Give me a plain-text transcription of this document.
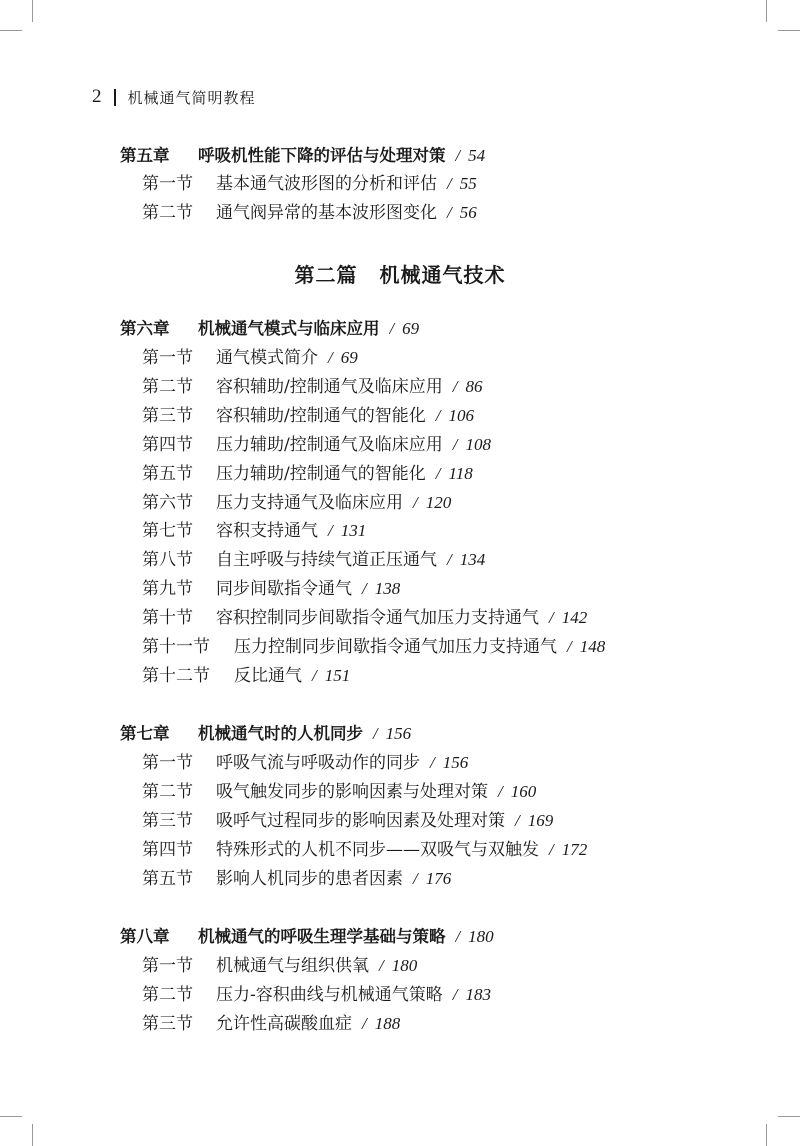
2 机械通气简明教程
第五章 呼吸机性能下降的评估与处理对策 / 54
第一节 基本通气波形图的分析和评估 / 55
第二节 通气阀异常的基本波形图变化 / 56
第二篇 机械通气技术
第六章 机械通气模式与临床应用 / 69
第一节 通气模式简介 / 69
第二节 容积辅助/控制通气及临床应用 / 86
第三节 容积辅助/控制通气的智能化 / 106
第四节 压力辅助/控制通气及临床应用 / 108
第五节 压力辅助/控制通气的智能化 / 118
第六节 压力支持通气及临床应用 / 120
第七节 容积支持通气 / 131
第八节 自主呼吸与持续气道正压通气 / 134
第九节 同步间歇指令通气 / 138
第十节 容积控制同步间歇指令通气加压力支持通气 / 142
第十一节 压力控制同步间歇指令通气加压力支持通气 / 148
第十二节 反比通气 / 151
第七章 机械通气时的人机同步 / 156
第一节 呼吸气流与呼吸动作的同步 / 156
第二节 吸气触发同步的影响因素与处理对策 / 160
第三节 吸呼气过程同步的影响因素及处理对策 / 169
第四节 特殊形式的人机不同步——双吸气与双触发 / 172
第五节 影响人机同步的患者因素 / 176
第八章 机械通气的呼吸生理学基础与策略 / 180
第一节 机械通气与组织供氧 / 180
第二节 压力-容积曲线与机械通气策略 / 183
第三节 允许性高碳酸血症 / 188
